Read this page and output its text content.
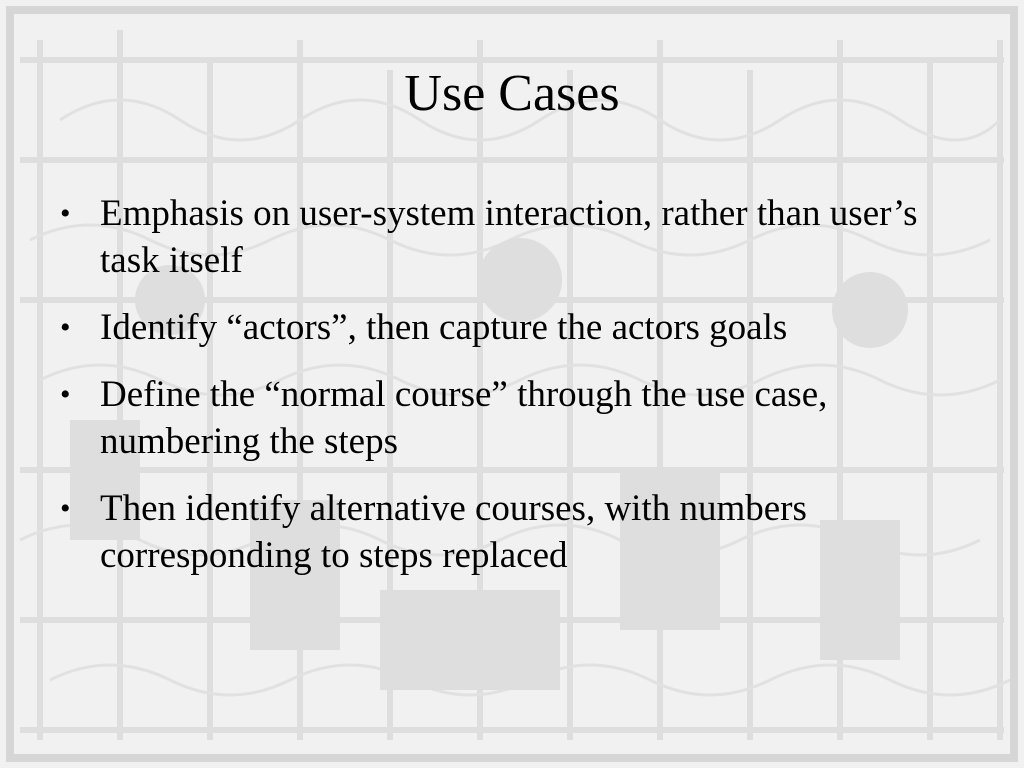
Use Cases
• Emphasis on user-system interaction, rather than user’s task itself
• Identify “actors”, then capture the actors goals
• Define the “normal course” through the use case, numbering the steps
• Then identify alternative courses, with numbers corresponding to steps replaced
